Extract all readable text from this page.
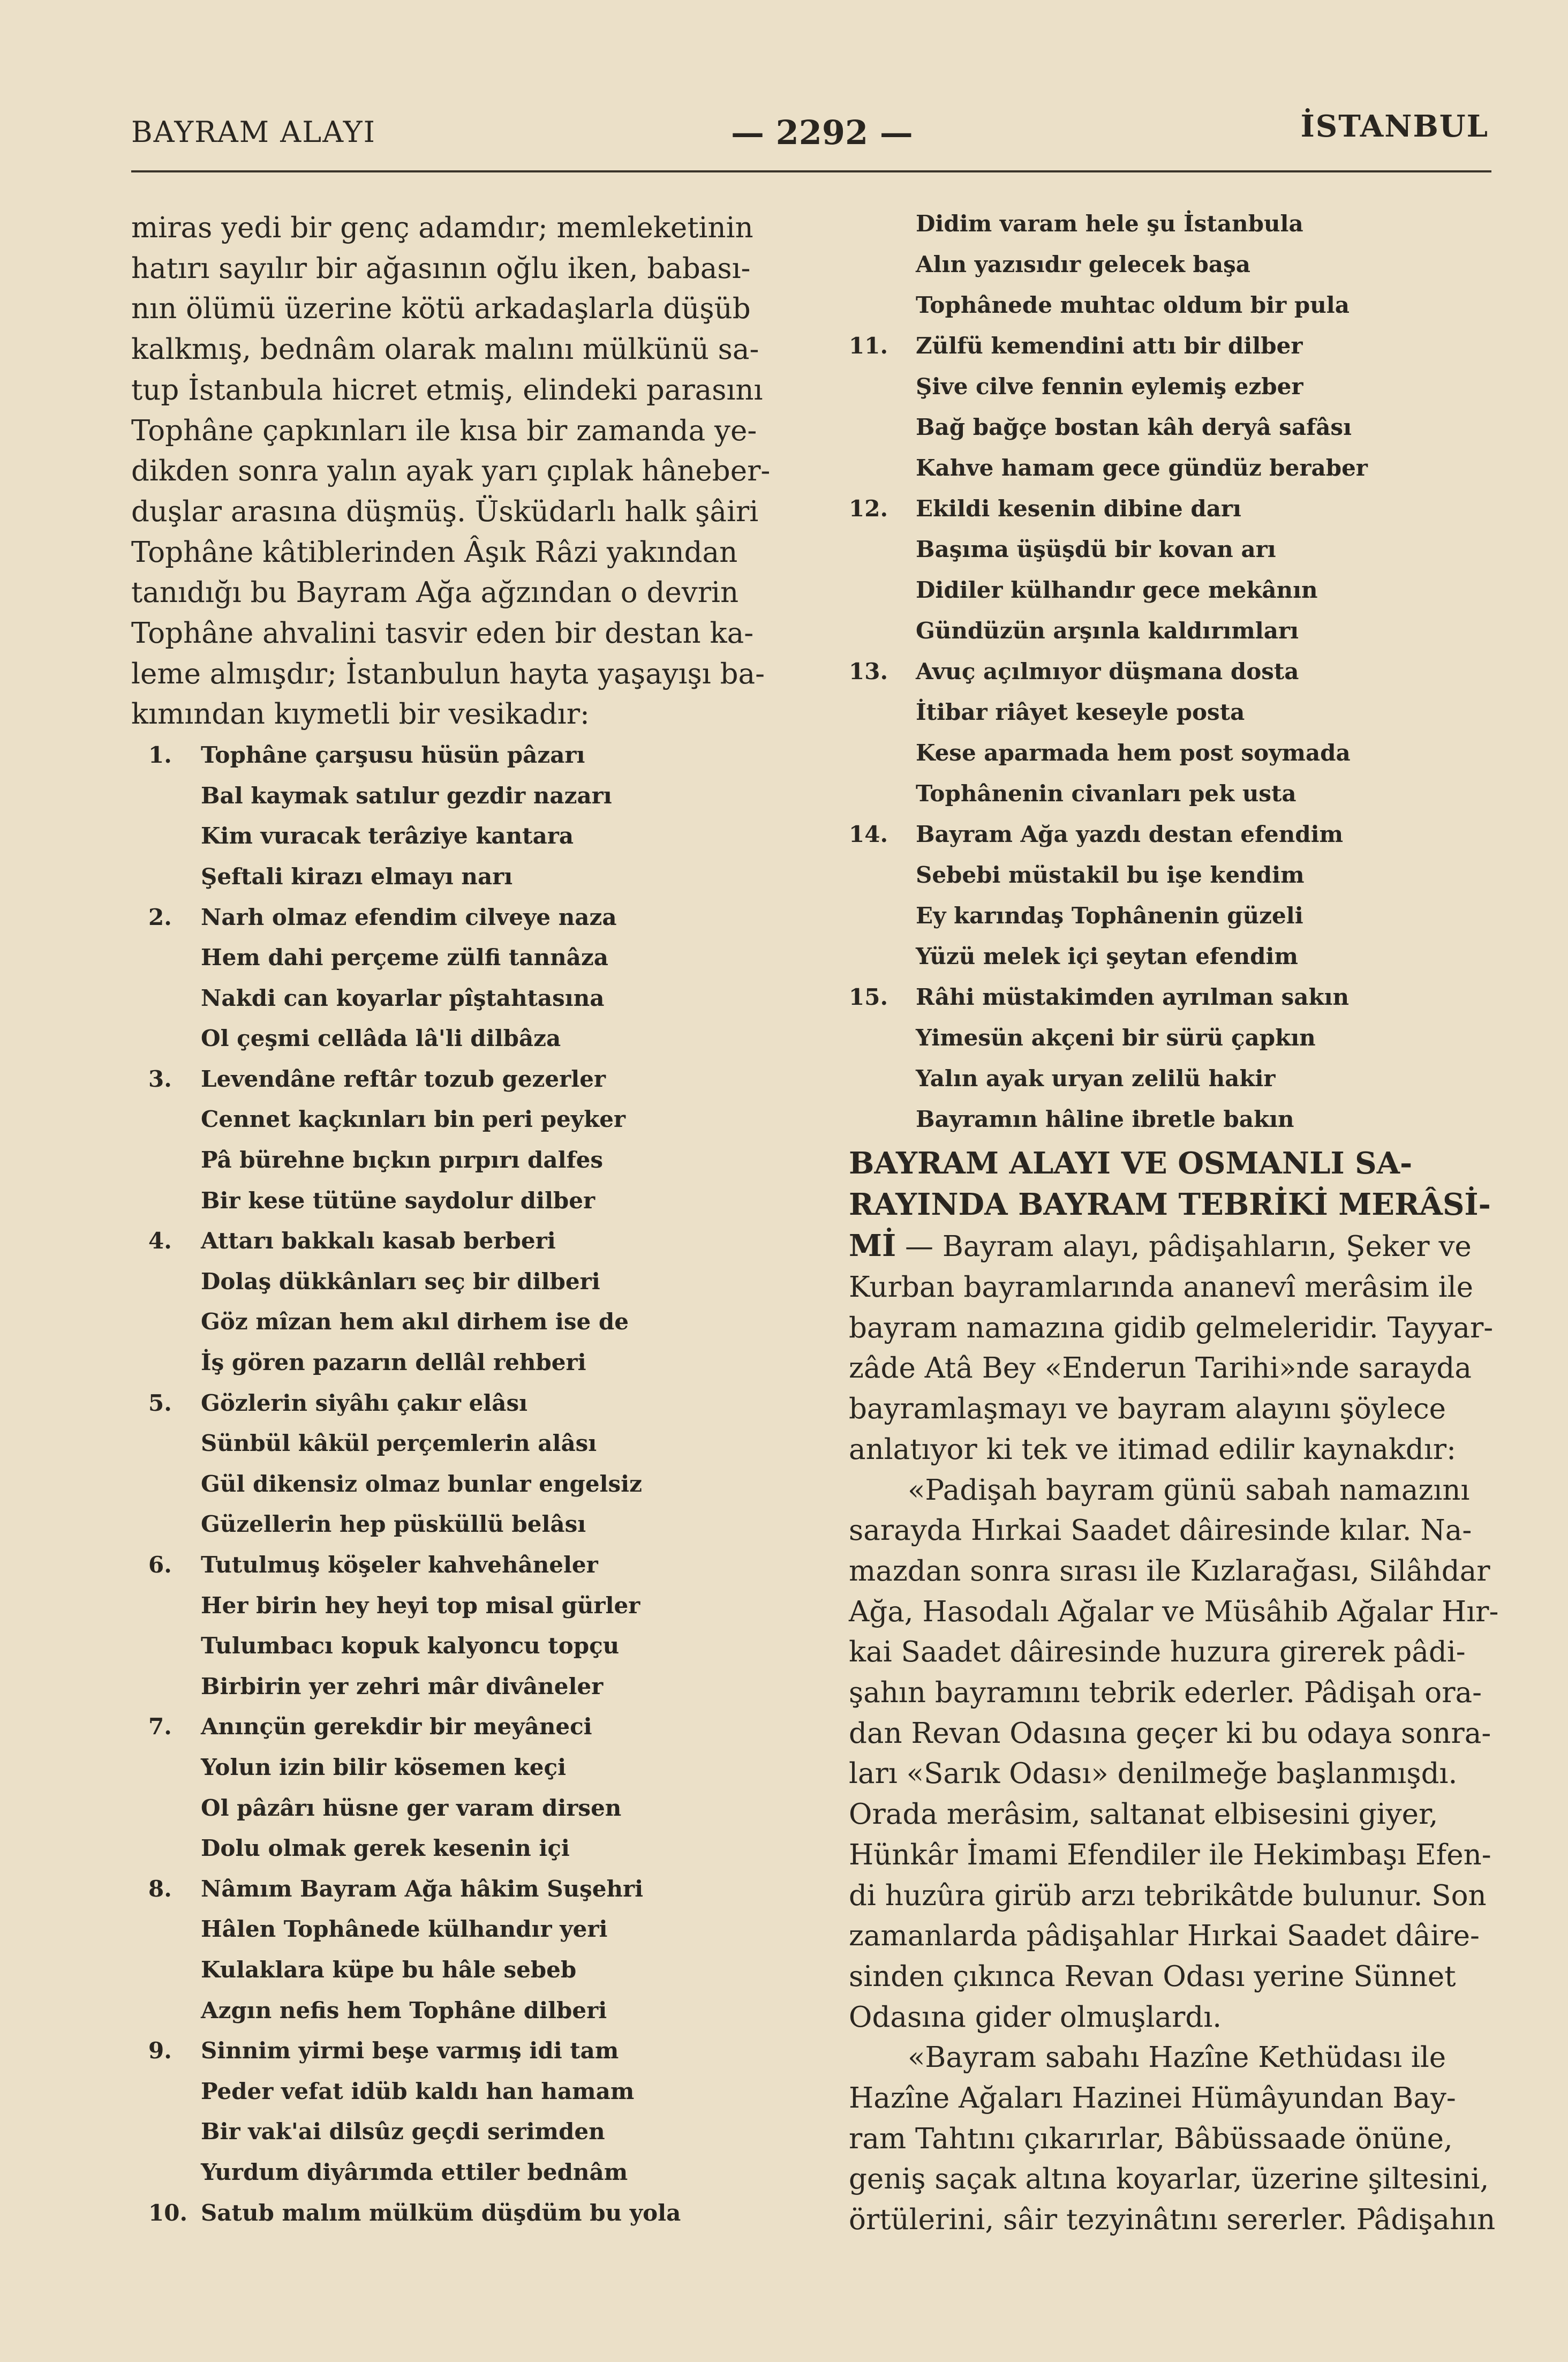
BAYRAM ALAYI	— 2292 —	İSTANBUL
miras yedi bir genç adamdır; memleketinin
hatırı sayılır bir ağasının oğlu iken, babası-
nın ölümü üzerine kötü arkadaşlarla düşüb
kalkmış, bednâm olarak malını mülkünü sa-
tup İstanbula hicret etmiş, elindeki parasını
Tophâne çapkınları ile kısa bir zamanda ye-
dikden sonra yalın ayak yarı çıplak hâneber-
duşlar arasına düşmüş. Üsküdarlı halk şâiri
Tophâne kâtiblerinden Âşık Râzi yakından
tanıdığı bu Bayram Ağa ağzından o devrin
Tophâne ahvalini tasvir eden bir destan ka-
leme almışdır; İstanbulun hayta yaşayışı ba-
kımından kıymetli bir vesikadır:
1. Tophâne çarşusu hüsün pâzarı
Bal kaymak satılur gezdir nazarı
Kim vuracak terâziye kantara
Şeftali kirazı elmayı narı
2. Narh olmaz efendim cilveye naza
Hem dahi perçeme zülfi tannâza
Nakdi can koyarlar pîştahtasına
Ol çeşmi cellâda lâ'li dilbâza
3. Levendâne reftâr tozub gezerler
Cennet kaçkınları bin peri peyker
Pâ bürehne bıçkın pırpırı dalfes
Bir kese tütüne saydolur dilber
4. Attarı bakkalı kasab berberi
Dolaş dükkânları seç bir dilberi
Göz mîzan hem akıl dirhem ise de
İş gören pazarın dellâl rehberi
5. Gözlerin siyâhı çakır elâsı
Sünbül kâkül perçemlerin alâsı
Gül dikensiz olmaz bunlar engelsiz
Güzellerin hep püsküllü belâsı
6. Tutulmuş köşeler kahvehâneler
Her birin hey heyi top misal gürler
Tulumbacı kopuk kalyoncu topçu
Birbirin yer zehri mâr divâneler
7. Anınçün gerekdir bir meyâneci
Yolun izin bilir kösemen keçi
Ol pâzârı hüsne ger varam dirsen
Dolu olmak gerek kesenin içi
8. Nâmım Bayram Ağa hâkim Suşehri
Hâlen Tophânede külhandır yeri
Kulaklara küpe bu hâle sebeb
Azgın nefis hem Tophâne dilberi
9. Sinnim yirmi beşe varmış idi tam
Peder vefat idüb kaldı han hamam
Bir vak'ai dilsûz geçdi serimden
Yurdum diyârımda ettiler bednâm
10. Satub malım mülküm düşdüm bu yola
Didim varam hele şu İstanbula
Alın yazısıdır gelecek başa
Tophânede muhtac oldum bir pula
11. Zülfü kemendini attı bir dilber
Şive cilve fennin eylemiş ezber
Bağ bağçe bostan kâh deryâ safâsı
Kahve hamam gece gündüz beraber
12. Ekildi kesenin dibine darı
Başıma üşüşdü bir kovan arı
Didiler külhandır gece mekânın
Gündüzün arşınla kaldırımları
13. Avuç açılmıyor düşmana dosta
İtibar riâyet keseyle posta
Kese aparmada hem post soymada
Tophânenin civanları pek usta
14. Bayram Ağa yazdı destan efendim
Sebebi müstakil bu işe kendim
Ey karındaş Tophânenin güzeli
Yüzü melek içi şeytan efendim
15. Râhi müstakimden ayrılman sakın
Yimesün akçeni bir sürü çapkın
Yalın ayak uryan zelilü hakir
Bayramın hâline ibretle bakın
BAYRAM ALAYI VE OSMANLI SA-
RAYINDA BAYRAM TEBRİKİ MERÂSİ-
Mİ — Bayram alayı, pâdişahların, Şeker ve
Kurban bayramlarında ananevî merâsim ile
bayram namazına gidib gelmeleridir. Tayyar-
zâde Atâ Bey «Enderun Tarihi»nde sarayda
bayramlaşmayı ve bayram alayını şöylece
anlatıyor ki tek ve itimad edilir kaynakdır:
«Padişah bayram günü sabah namazını
sarayda Hırkai Saadet dâiresinde kılar. Na-
mazdan sonra sırası ile Kızlarağası, Silâhdar
Ağa, Hasodalı Ağalar ve Müsâhib Ağalar Hır-
kai Saadet dâiresinde huzura girerek pâdi-
şahın bayramını tebrik ederler. Pâdişah ora-
dan Revan Odasına geçer ki bu odaya sonra-
ları «Sarık Odası» denilmeğe başlanmışdı.
Orada merâsim, saltanat elbisesini giyer,
Hünkâr İmami Efendiler ile Hekimbaşı Efen-
di huzûra girüb arzı tebrikâtde bulunur. Son
zamanlarda pâdişahlar Hırkai Saadet dâire-
sinden çıkınca Revan Odası yerine Sünnet
Odasına gider olmuşlardı.
«Bayram sabahı Hazîne Kethüdası ile
Hazîne Ağaları Hazinei Hümâyundan Bay-
ram Tahtını çıkarırlar, Bâbüssaade önüne,
geniş saçak altına koyarlar, üzerine şiltesini,
örtülerini, sâir tezyinâtını sererler. Pâdişahın
